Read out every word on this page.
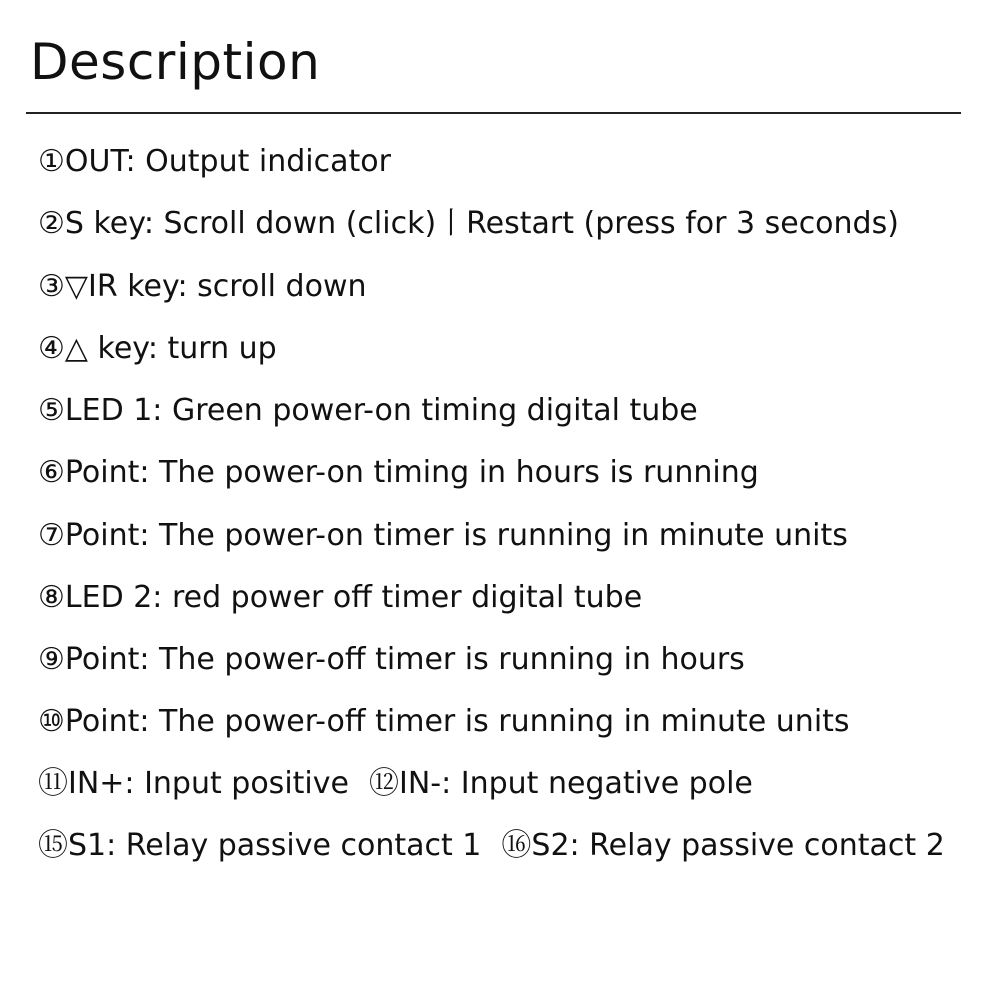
Description
①OUT: Output indicator
②S key: Scroll down (click)丨Restart (press for 3 seconds)
③▽IR key: scroll down
④△ key: turn up
⑤LED 1: Green power-on timing digital tube
⑥Point: The power-on timing in hours is running
⑦Point: The power-on timer is running in minute units
⑧LED 2: red power off timer digital tube
⑨Point: The power-off timer is running in hours
⑩Point: The power-off timer is running in minute units
⑪IN+: Input positive ⑫IN-: Input negative pole
⑮S1: Relay passive contact 1 ⑯S2: Relay passive contact 2
